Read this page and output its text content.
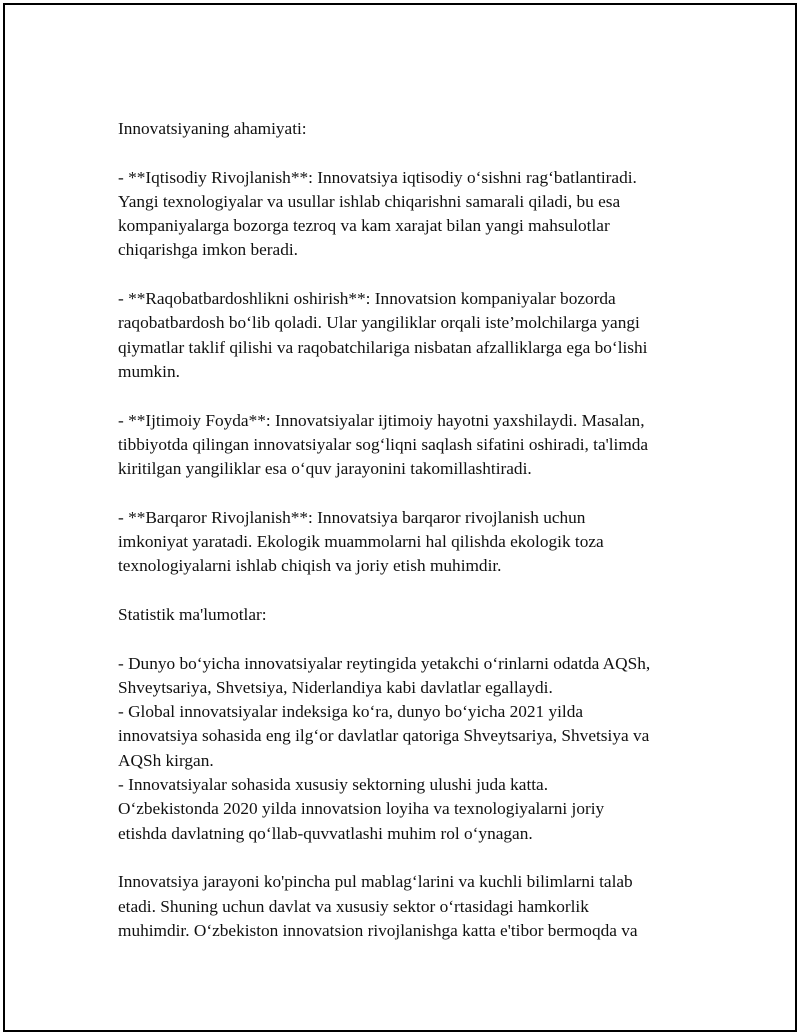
Innovatsiyaning ahamiyati:
- **Iqtisodiy Rivojlanish**: Innovatsiya iqtisodiy o‘sishni rag‘batlantiradi.
Yangi texnologiyalar va usullar ishlab chiqarishni samarali qiladi, bu esa
kompaniyalarga bozorga tezroq va kam xarajat bilan yangi mahsulotlar
chiqarishga imkon beradi.
- **Raqobatbardoshlikni oshirish**: Innovatsion kompaniyalar bozorda
raqobatbardosh bo‘lib qoladi. Ular yangiliklar orqali iste’molchilarga yangi
qiymatlar taklif qilishi va raqobatchilariga nisbatan afzalliklarga ega bo‘lishi
mumkin.
- **Ijtimoiy Foyda**: Innovatsiyalar ijtimoiy hayotni yaxshilaydi. Masalan,
tibbiyotda qilingan innovatsiyalar sog‘liqni saqlash sifatini oshiradi, ta'limda
kiritilgan yangiliklar esa o‘quv jarayonini takomillashtiradi.
- **Barqaror Rivojlanish**: Innovatsiya barqaror rivojlanish uchun
imkoniyat yaratadi. Ekologik muammolarni hal qilishda ekologik toza
texnologiyalarni ishlab chiqish va joriy etish muhimdir.
Statistik ma'lumotlar:
- Dunyo bo‘yicha innovatsiyalar reytingida yetakchi o‘rinlarni odatda AQSh,
Shveytsariya, Shvetsiya, Niderlandiya kabi davlatlar egallaydi.
- Global innovatsiyalar indeksiga ko‘ra, dunyo bo‘yicha 2021 yilda
innovatsiya sohasida eng ilg‘or davlatlar qatoriga Shveytsariya, Shvetsiya va
AQSh kirgan.
- Innovatsiyalar sohasida xususiy sektorning ulushi juda katta.
O‘zbekistonda 2020 yilda innovatsion loyiha va texnologiyalarni joriy
etishda davlatning qo‘llab-quvvatlashi muhim rol o‘ynagan.
Innovatsiya jarayoni ko'pincha pul mablag‘larini va kuchli bilimlarni talab
etadi. Shuning uchun davlat va xususiy sektor o‘rtasidagi hamkorlik
muhimdir. O‘zbekiston innovatsion rivojlanishga katta e'tibor bermoqda va
